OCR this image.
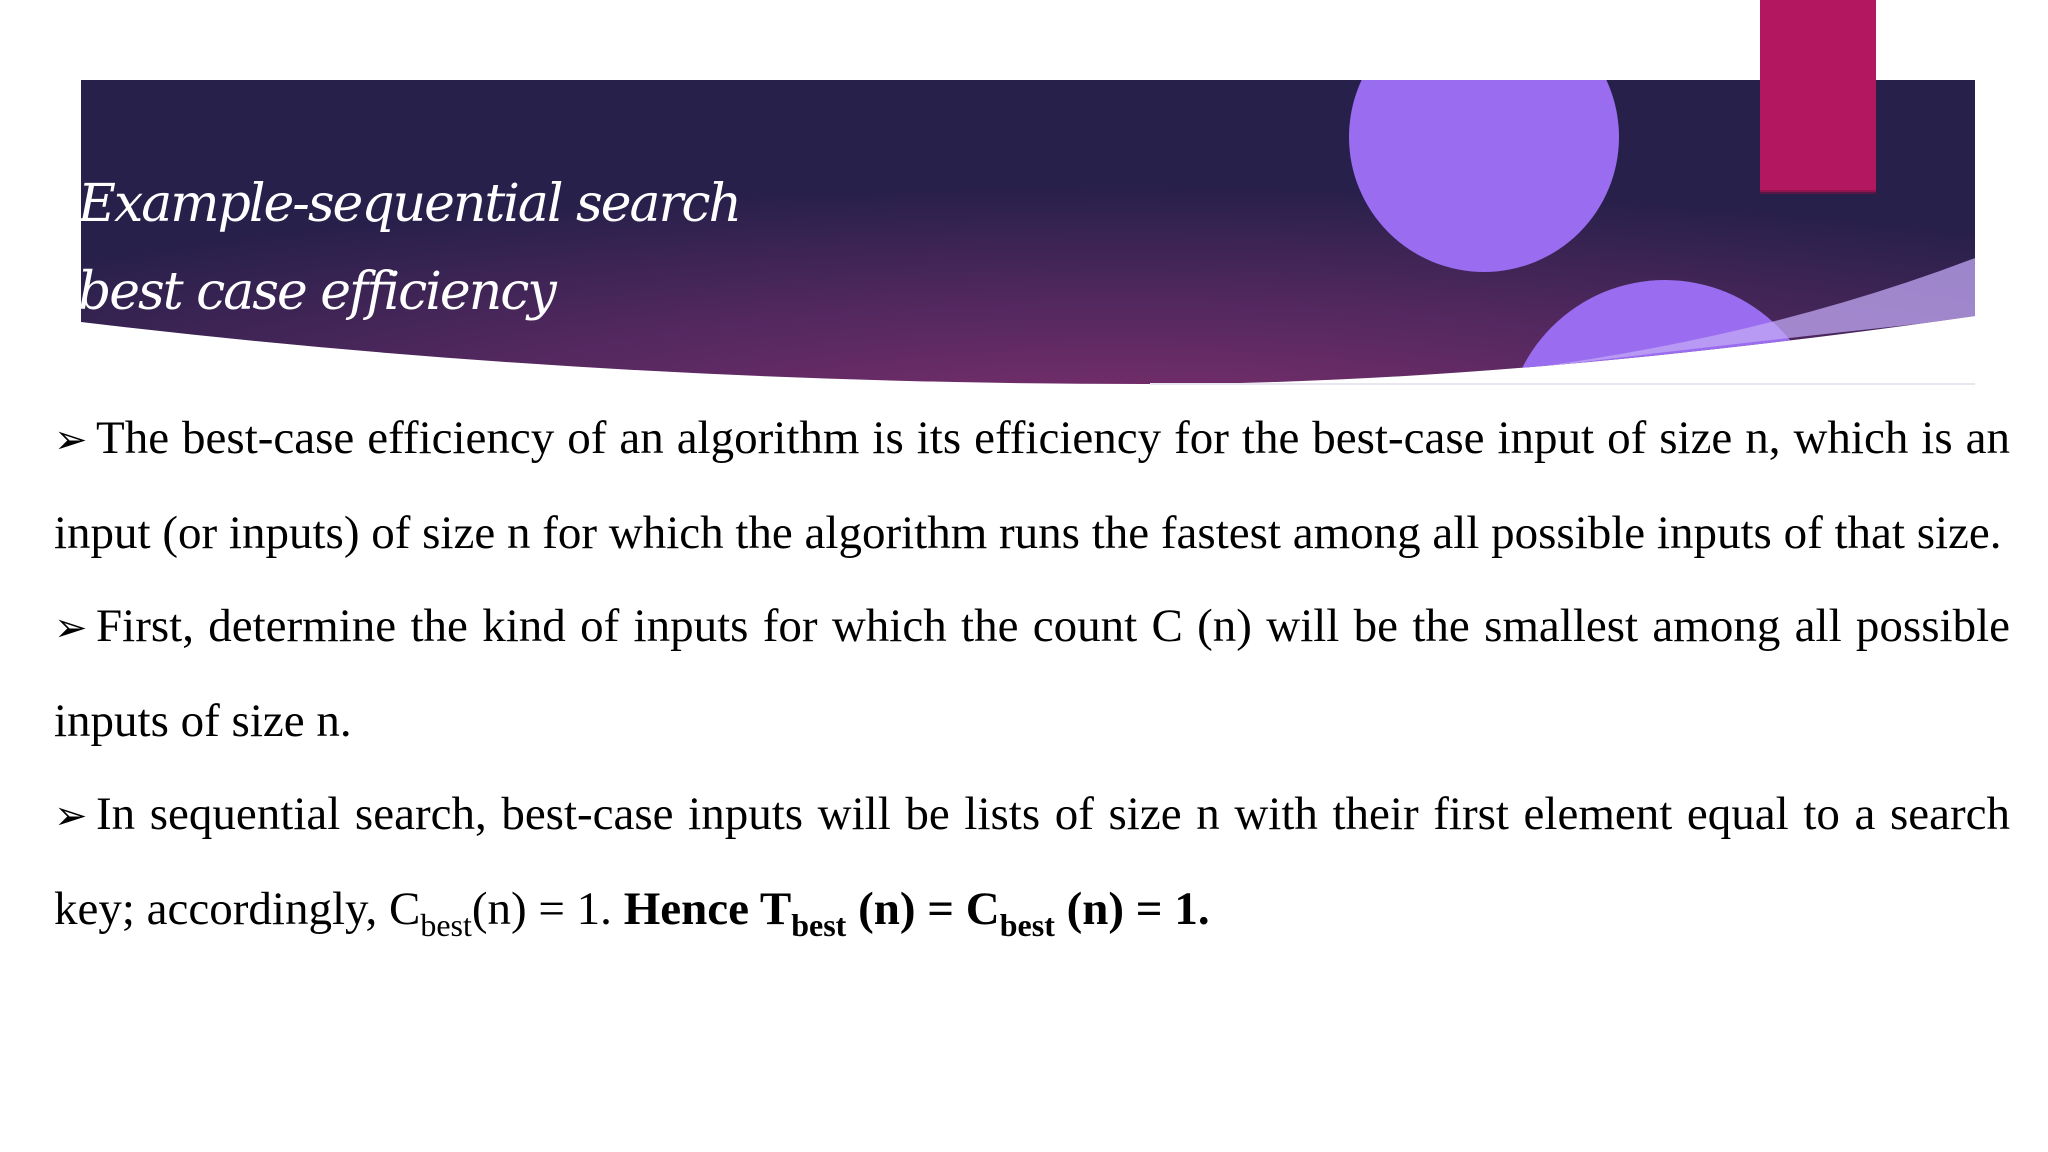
Example-sequential search
best case efficiency
➢ The best-case efficiency of an algorithm is its efficiency for the best-case input of size n, which is an input (or inputs) of size n for which the algorithm runs the fastest among all possible inputs of that size.
➢ First, determine the kind of inputs for which the count C (n) will be the smallest among all possible inputs of size n.
➢ In sequential search, best-case inputs will be lists of size n with their first element equal to a search key; accordingly, $C_{best}(n) = 1$. Hence $T_{best}$ $(n) = C_{best}$ (n) = 1.
